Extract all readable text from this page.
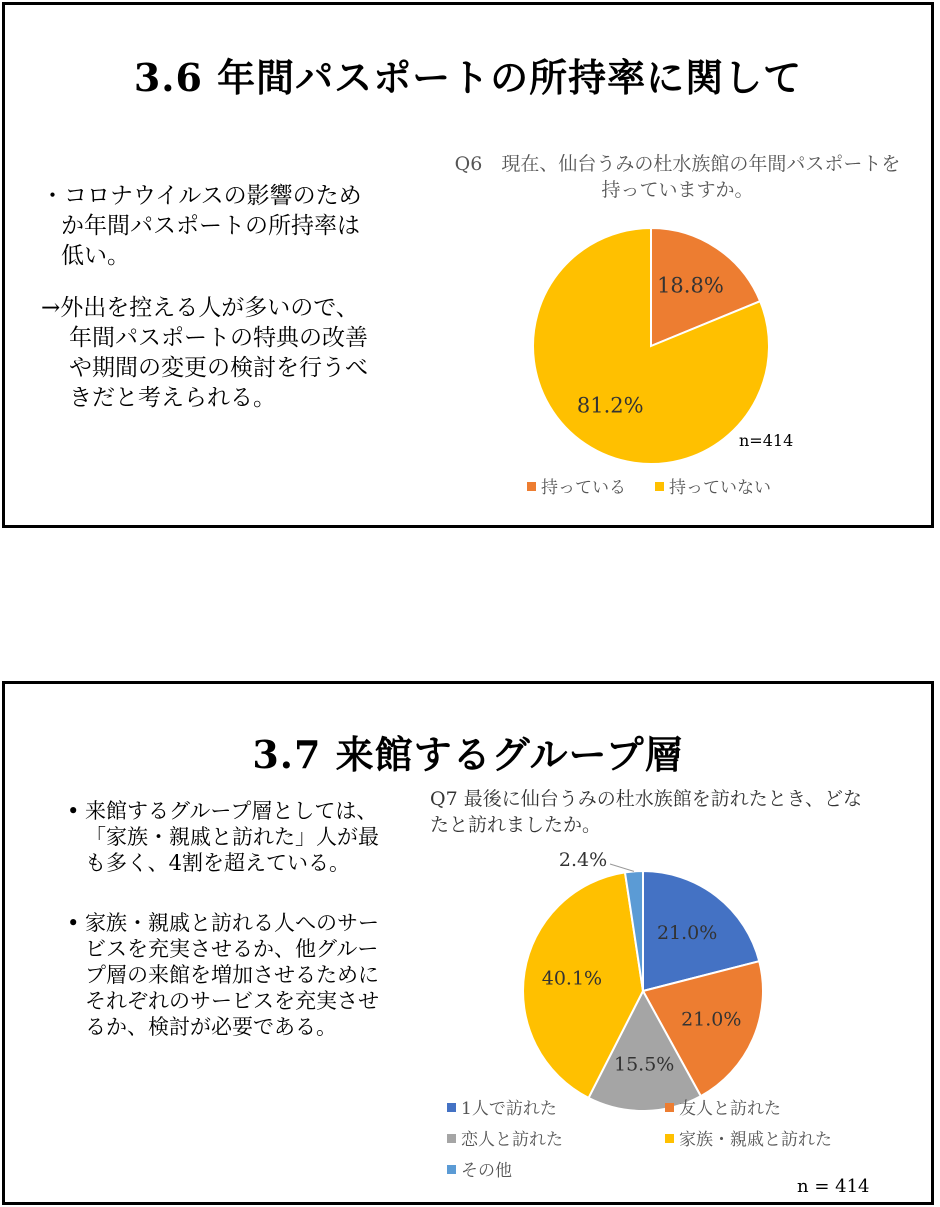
3.6 年間パスポートの所持率に関して
・コロナウイルスの影響のためか年間パスポートの所持率は低い。
→外出を控える人が多いので、年間パスポートの特典の改善や期間の変更の検討を行うべきだと考えられる。
Q6　現在、仙台うみの杜水族館の年間パスポートを持っていますか。
18.8%
81.2%
n=414
持っている	持っていない
3.7 来館するグループ層
• 来館するグループ層としては、「家族・親戚と訪れた」人が最も多く、4割を超えている。
• 家族・親戚と訪れる人へのサービスを充実させるか、他グループ層の来館を増加させるためにそれぞれのサービスを充実させるか、検討が必要である。
Q7 最後に仙台うみの杜水族館を訪れたとき、どなたと訪れましたか。
21.0%
21.0%
15.5%
40.1%
2.4%
1人で訪れた	友人と訪れた
恋人と訪れた	家族・親戚と訪れた
その他
n = 414
